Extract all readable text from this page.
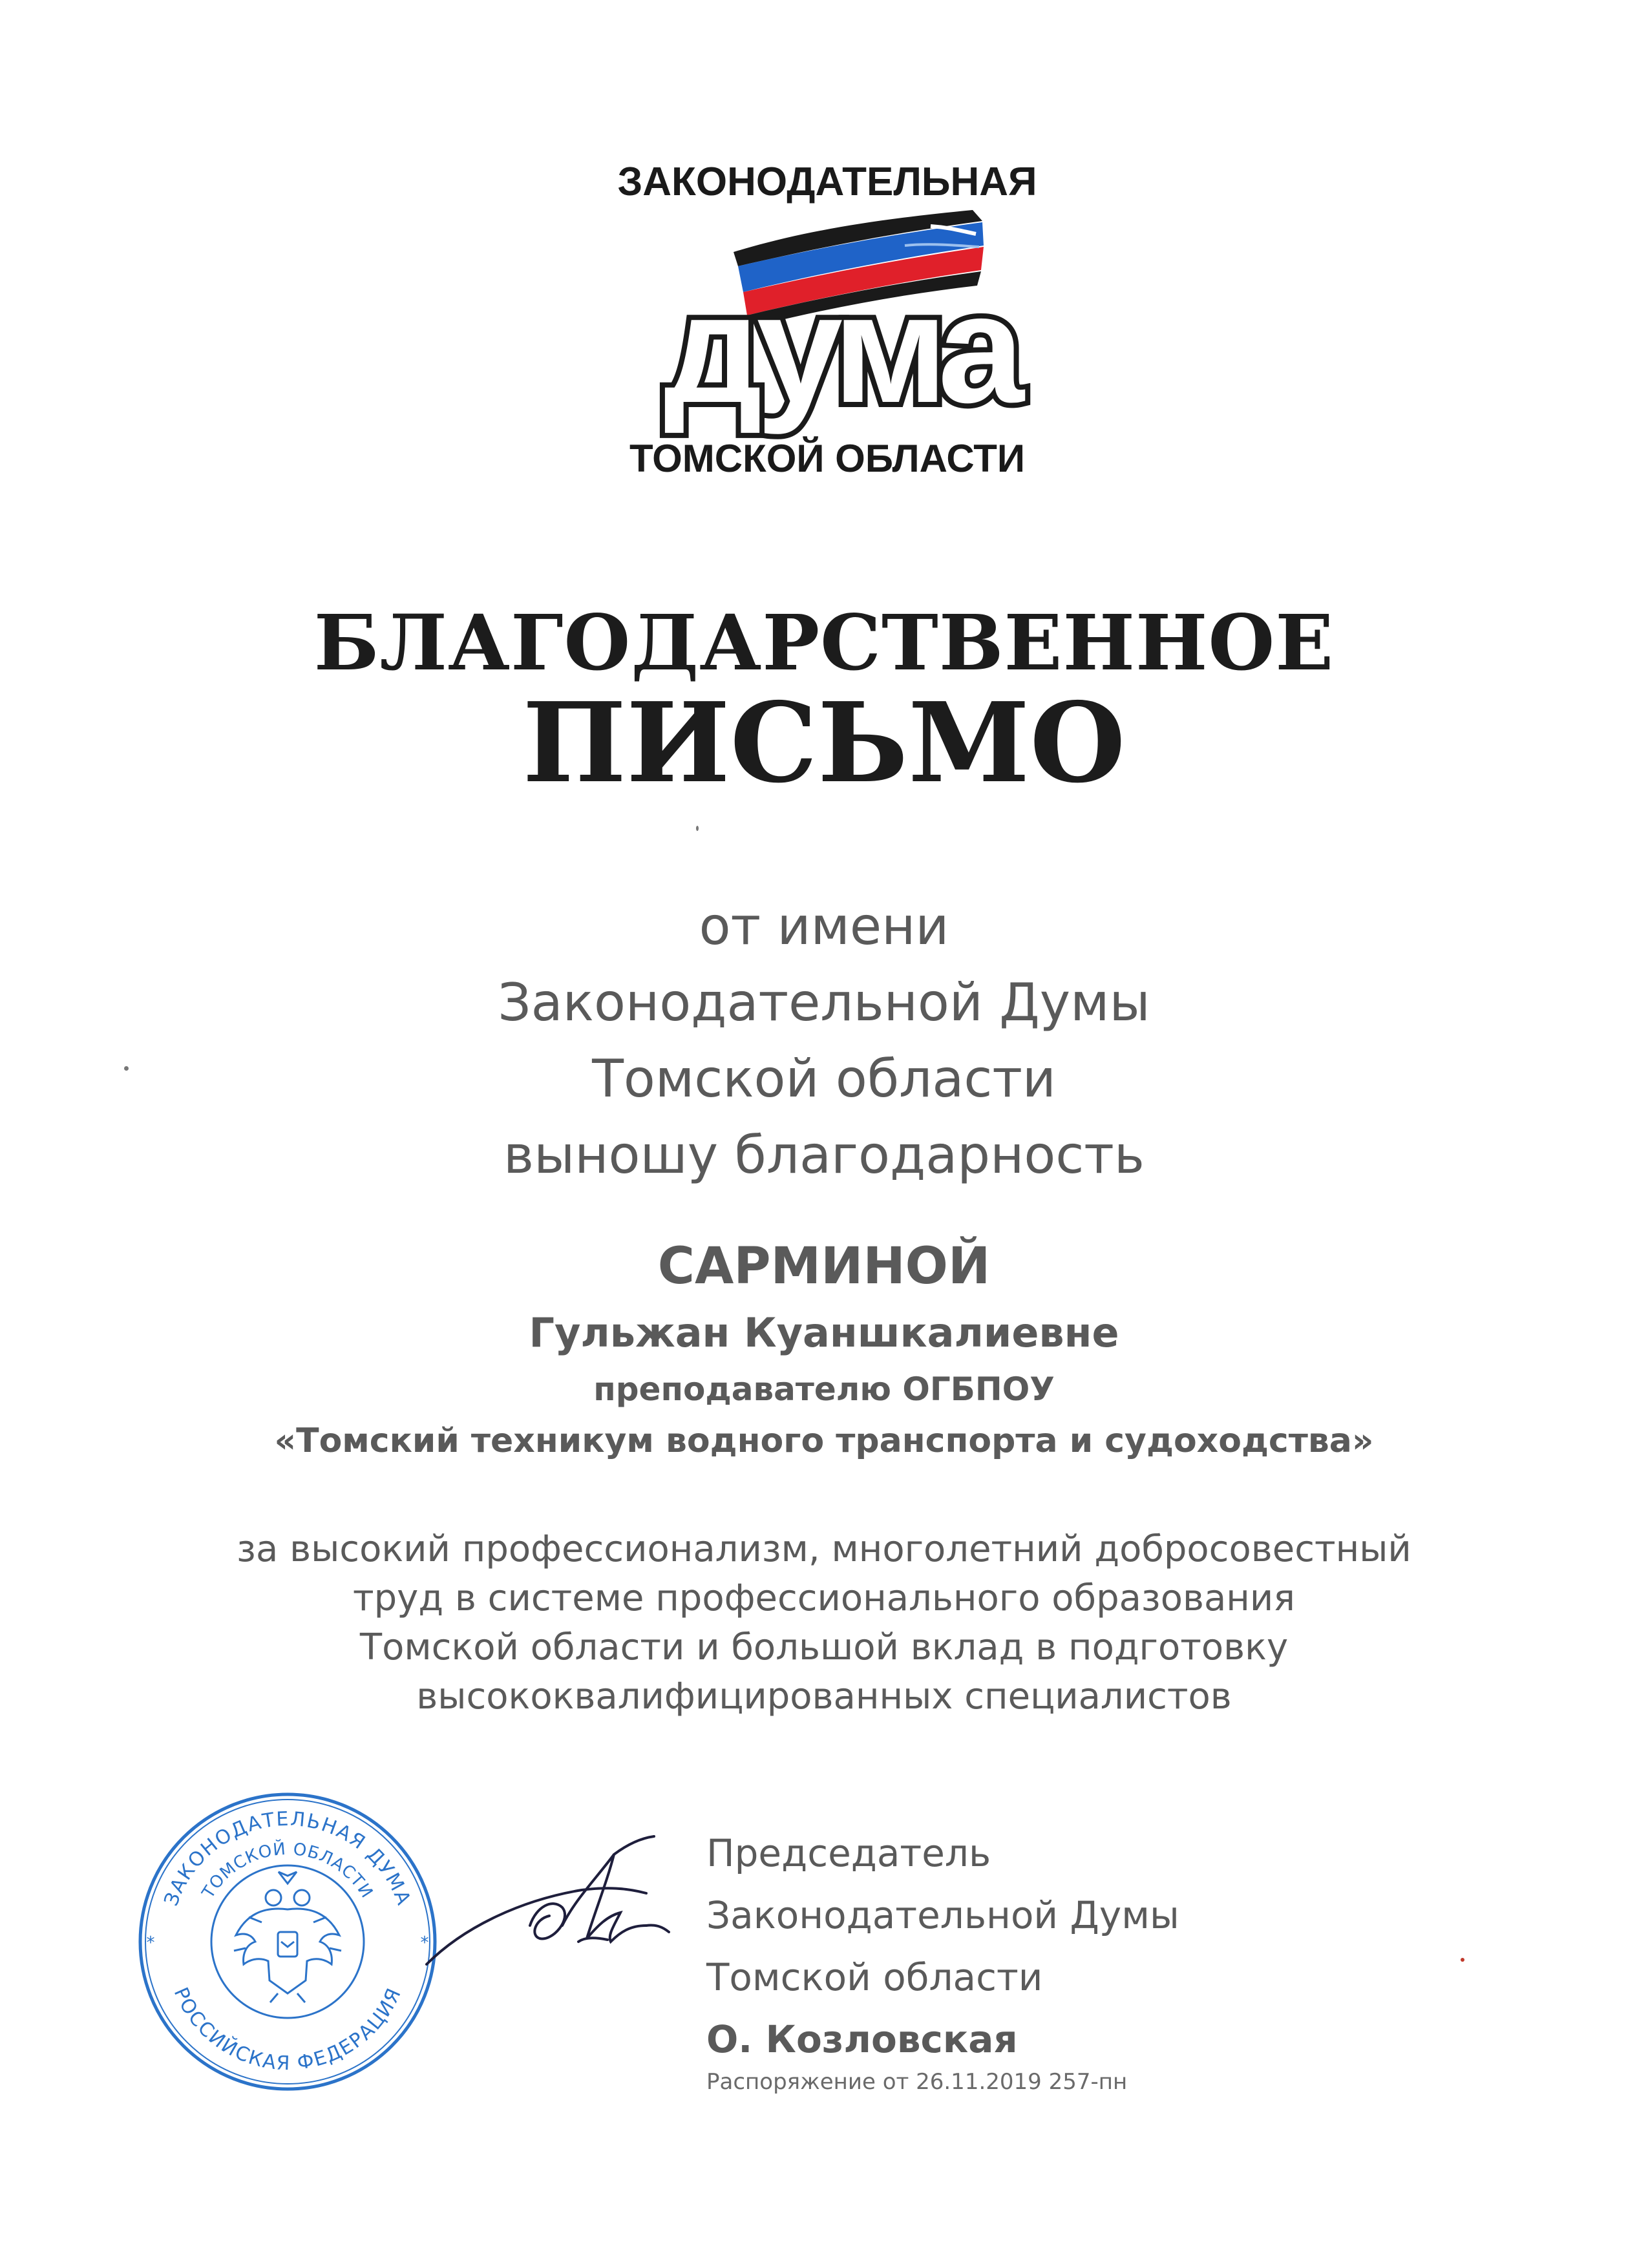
ЗАКОНОДАТЕЛЬНАЯ
дума
ТОМСКОЙ ОБЛАСТИ
БЛАГОДАРСТВЕННОЕ
ПИСЬМО
от имени
Законодательной Думы
Томской области
выношу благодарность
САРМИНОЙ
Гульжан Куаншкалиевне
преподавателю ОГБПОУ
«Томский техникум водного транспорта и судоходства»
за высокий профессионализм, многолетний добросовестный
труд в системе профессионального образования
Томской области и большой вклад в подготовку
высококвалифицированных специалистов
ЗАКОНОДАТЕЛЬНАЯ ДУМА
ТОМСКОЙ ОБЛАСТИ
РОССИЙСКАЯ ФЕДЕРАЦИЯ
*	*
Председатель
Законодательной Думы
Томской области
О. Козловская
Распоряжение от 26.11.2019 257-пн
